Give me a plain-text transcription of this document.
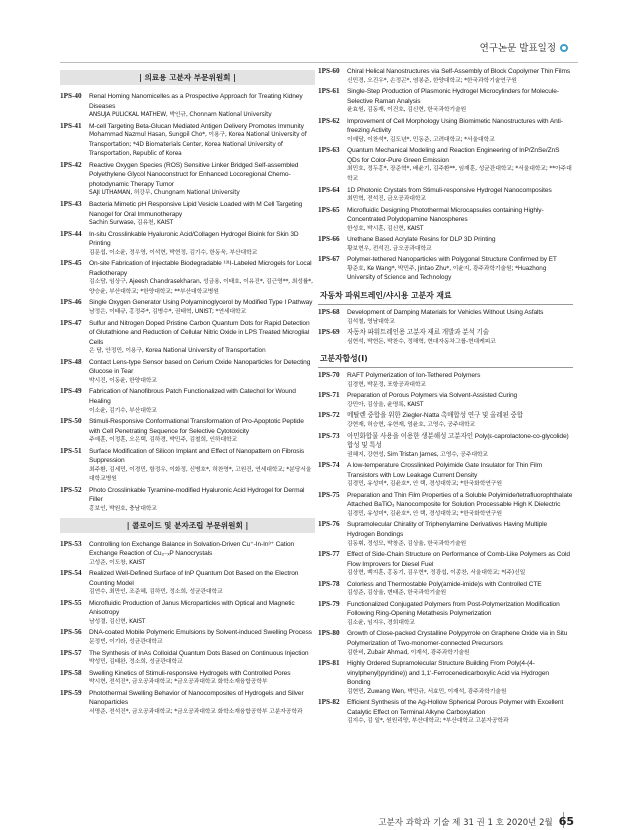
연구논문 발표일정
| 의료용 고분자 부문위원회 |
1PS-40	Renal Homing Nanomicelles as a Prospective Approach for Treating Kidney Diseases
ANSUJA PULICKAL MATHEW, 박인규, Chonnam National University
1PS-41	M-cell Targeting Beta-Glucan Mediated Antigen Delivery Promotes Immunity
Mohammad Nazmul Hasan, Sungpil Cho*, 이용구, Korea National University of Transportation; *4D Biomaterials Center, Korea National University of Transportation, Republic of Korea
1PS-42	Reactive Oxygen Species (ROS) Sensitive Linker Bridged Self-assembled Polyethylene Glycol Nanoconstruct for Enhanced Locoregional Chemo-photodynamic Therapy Tumor
SAJI UTHAMAN, 허강무, Chungnam National University
1PS-43	Bacteria Mimetic pH Responsive Lipid Vesicle Loaded with M Cell Targeting Nanogel for Oral Immunotherapy
Sachin Surwase, 김유천, KAIST
1PS-44	In-situ Crosslinkable Hyaluronic Acid/Collagen Hydrogel Bioink for Skin 3D Printing
김문섭, 이소윤, 정우영, 이석현, 박현정, 김기수, 한동욱, 부산대학교
1PS-45	On-site Fabrication of Injectable Biodegradable ¹³¹I-Labeled Microgels for Local Radiotherapy
김소담, 임상구, Ajeesh Chandrasekharan, 성금용, 이태호, 이유진*, 김근영**, 최성률*, 양승윤, 부산대학교; *한양대학교; **부산대학교병원
1PS-46	Single Oxygen Generator Using Polyaminoglycerol by Modified Type I Pathway
남정은, 이태규, 홍정주*, 김병수*, 권태혁, UNIST; *연세대학교
1PS-47	Sulfur and Nitrogen Doped Pristine Carbon Quantum Dots for Rapid Detection of Glutathione and Reduction of Cellular Nitric Oxide in LPS Treated Microglial Cells
은 담, 안정민, 이용구, Korea National University of Transportation
1PS-48	Contact Lens-type Sensor based on Cerium Oxide Nanoparticles for Detecting Glucose in Tear
박시진, 이동윤, 한양대학교
1PS-49	Fabrication of Nanofibrous Patch Functionalized with Catechol for Wound Healing
이소윤, 김기수, 부산대학교
1PS-50	Stimuli-Responsive Conformational Transformation of Pro-Apoptotic Peptide with Cell Penetrating Sequence for Selective Cytotoxicity
주예훈, 이정훈, 오은택, 김하경, 박민주, 김철희, 인하대학교
1PS-51	Surface Modification of Silicon Implant and Effect of Nanopattern on Fibrosis Suppression
최주환, 김세민, 이경민, 함정우, 이화정, 신병호*, 허찬영*, 고원건, 연세대학교; *분당서울대학교병원
1PS-52	Photo Crosslinkable Tyramine-modified Hyaluronic Acid Hydrogel for Dermal Filler
홍보인, 박원호, 충남대학교
| 콜로이드 및 분자조립 부문위원회 |
1PS-53	Controlling Ion Exchange Balance in Solvation-Driven Cu⁺-In-In³⁺ Cation Exchange Reaction of Cu₂₋ₓP Nanocrystals
고성준, 이도창, KAIST
1PS-54	Realized Well-Defined Surface of InP Quantum Dot Based on the Electron Counting Model
김연수, 최만인, 조준혜, 김하민, 정소희, 성균관대학교
1PS-55	Microfluidic Production of Janus Microparticles with Optical and Magnetic Anisotropy
남성결, 김신현, KAIST
1PS-56	DNA-coated Mobile Polymeric Emulsions by Solvent-induced Swelling Process
문정빈, 이기라, 성균관대학교
1PS-57	The Synthesis of InAs Colloidal Quantum Dots Based on Continuous Injection
박성민, 김태완, 정소희, 성균관대학교
1PS-58	Swelling Kinetics of Stimuli-responsive Hydrogels with Controlled Pores
박시현, 전석진*, 금오공과대학교; *금오공과대학교 화학소재융합공학부
1PS-59	Photothermal Swelling Behavior of Nanocomposites of Hydrogels and Silver Nanoparticles
서명준, 전석진*, 금오공과대학교; *금오공과대학교 화학소재융합공학부 고분자공학과
1PS-60	Chiral Helical Nanostructures via Self-Assembly of Block Copolymer Thin Films
신민경, 오진우*, 손정곤*, 염봉준, 한양대학교; *한국과학기술연구원
1PS-61	Single-Step Production of Plasmonic Hydrogel Microcylinders for Molecule-Selective Raman Analysis
윤효원, 김동재, 이건호, 김신현, 한국과학기술원
1PS-62	Improvement of Cell Morphology Using Biomimetic Nanostructures with Anti-freezing Activity
이예담, 이찬석*, 김도년*, 민동준, 고려대학교; *서울대학교
1PS-63	Quantum Mechanical Modeling and Reaction Engineering of InP/ZnSe/ZnS QDs for Color-Pure Green Emission
최민호, 정두홍*, 장준혁*, 배윤기, 김주환**, 임재훈, 성균관대학교; *서울대학교; **아주대학교
1PS-64	1D Photonic Crystals from Stimuli-responsive Hydrogel Nanocomposites
최민혁, 전석진, 금오공과대학교
1PS-65	Microfluidic Designing Photothermal Microcapsules containing Highly-Concentrated Polydopamine Nanospheres
한성호, 박시훈, 김신현, KAIST
1PS-66	Urethane Based Acrylate Resins for DLP 3D Printing
황보현우, 전석진, 금오공과대학교
1PS-67	Polymer-tethered Nanoparticles with Polygonal Structure Confirmed by ET
황준호, Ke Wang*, 박민주, Jintao Zhu*, 이윤지, 광주과학기술원; *Huazhong University of Science and Technology
자동차 파워트레인/샤시용 고분자 재료
1PS-68	Development of Damping Materials for Vehicles Without Using Asfalts
김석철, 영남대학교
1PS-69	자동차 파워트레인용 고분자 재료 개발과 분석 기술
심현석, 박현돈, 박찬수, 정해혁, 현대자동차그룹-현대케피코
고분자합성(I)
1PS-70	RAFT Polymerization of Ion-Tethered Polymers
김경현, 박문정, 포항공과대학교
1PS-71	Preparation of Porous Polymers via Solvent-Assisted Curing
강민아, 김상울, 윤명록, KAIST
1PS-72	메탈렌 중합을 위한 Ziegler-Natta 촉매합성 연구 및 올레핀 중합
강현재, 허승현, 유현재, 엄윤호, 고영수, 공주대학교
1PS-73	아민화합물 사용을 이용한 생분해성 고분자인 Poly(ε-caprolactone-co-glycolide) 합성 및 특성
권혜지, 강현성, Sim Tristan James, 고영수, 공주대학교
1PS-74	A low-temperature Crosslinked Polyimide Gate Insulator for Thin Film Transistors with Low Leakage Current Density
김경민, 유성미*, 김윤호*, 안 택, 경성대학교; *한국화학연구원
1PS-75	Preparation and Thin Film Properties of a Soluble Polyimide/tetrafluorophthalate Attached BaTiO₃ Nanocomposite for Solution Processable High K Dielectric
김경민, 유성미*, 김윤호*, 안 택, 경성대학교; *한국화학연구원
1PS-76	Supramolecular Chirality of Triphenylamine Derivatives Having Multiple Hydrogen Bondings
김동휘, 정성모, 박창준, 김상율, 한국과학기술원
1PS-77	Effect of Side-Chain Structure on Performance of Comb-Like Polymers as Cold Flow Improvers for Diesel Fuel
김상현, 백지훈, 홍동기, 김우현*, 정광섭, 이종찬, 서울대학교; *(주)신일
1PS-78	Colorless and Thermostable Poly(amide-imide)s with Controlled CTE
김성준, 김상율, 변태준, 한국과학기술원
1PS-79	Functionalized Conjugated Polymers from Post-Polymerization Modification Following Ring-Opening Metathesis Polymerization
김소윤, 임지우, 경희대학교
1PS-80	Growth of Close-packed Crystalline Polypyrrole on Graphene Oxide via in Situ Polymerization of Two-monomer-connected Precursors
김한비, Zubair Ahmad, 이재석, 광주과학기술원
1PS-81	Highly Ordered Supramolecular Structure Building From Poly(4-(4-vinylphenyl)pyridine)) and 1,1'-Ferrocenedicarboxylic Acid via Hydrogen Bonding
김현민, Zuwang Wen, 박민규, 서효민, 이재석, 광주과학기술원
1PS-82	Efficient Synthesis of the Ag-Hollow Spherical Porous Polymer with Excellent Catalytic Effect on Terminal Alkyne Carboxylation
김지수, 김 일*, 원원리양, 부산대학교; *부산대학교 고분자공학과
고분자 과학과 기술 제 31 권 1 호 2020년 2월 65
